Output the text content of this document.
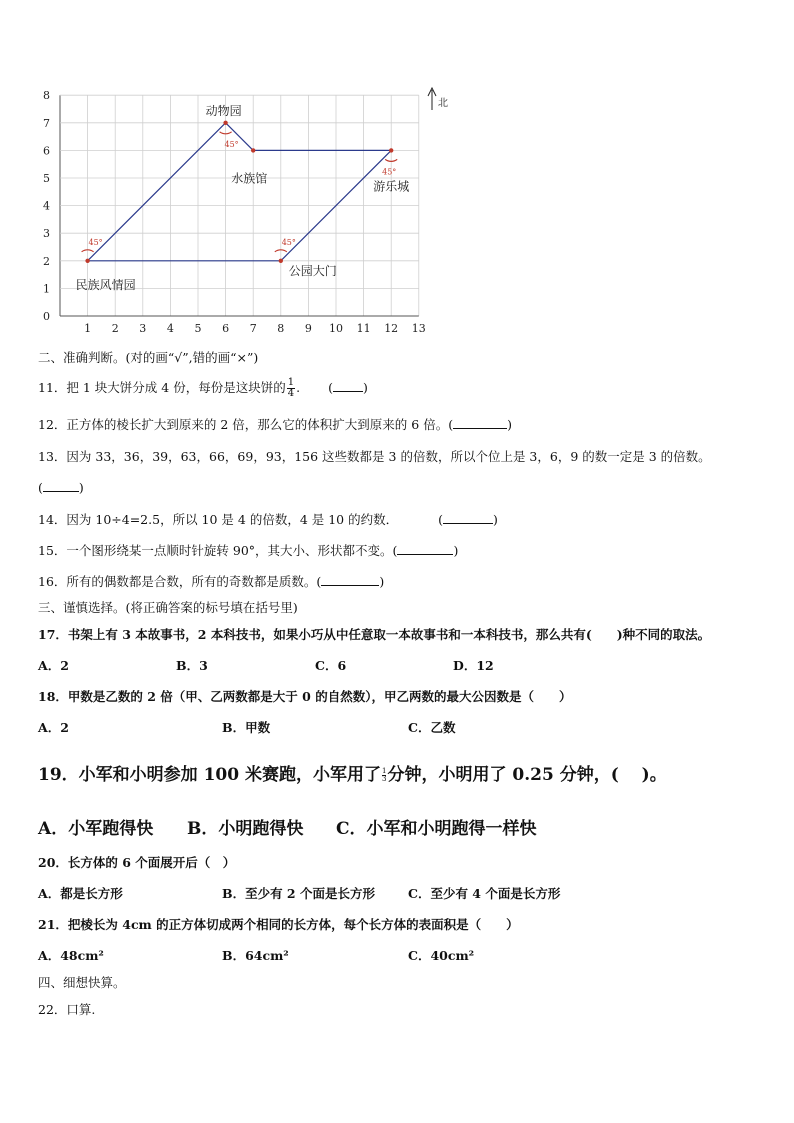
1 2 3 4 5 6 7 8 9 10 11 12 13
0
1
2
3
4
5
6
7
8
45°	45°
45°
45°
动物园
水族馆
游乐城
民族风情园
公园大门
北
二、准确判断。(对的画“√”,错的画“×”)
11．把 1 块大饼分成 4 份，每份是这块饼的 $\frac{1}{4}$ . ( )
12．正方体的棱长扩大到原来的 2 倍，那么它的体积扩大到原来的 6 倍。(	)
13．因为 33，36，39，63，66，69，93，156 这些数都是 3 的倍数，所以个位上是 3，6，9 的数一定是 3 的倍数。
(	)
14．因为 10÷4=2.5，所以 10 是 4 的倍数，4 是 10 的约数．	(	)
15．一个图形绕某一点顺时针旋转 90°，其大小、形状都不变。(	)
16．所有的偶数都是合数，所有的奇数都是质数。(	)
三、谨慎选择。(将正确答案的标号填在括号里)
17．书架上有 3 本故事书，2 本科技书，如果小巧从中任意取一本故事书和一本科技书，那么共有(　　)种不同的取法。
A．2	B．3	C．6	D．12
18．甲数是乙数的 2 倍（甲、乙两数都是大于 0 的自然数），甲乙两数的最大公因数是（　　）
A．2	B．甲数	C．乙数
19．小军和小明参加 100 米赛跑，小军用了 $\frac{1}{3}$ 分钟，小明用了 0.25 分钟，(　 )。
A．小军跑得快 B．小明跑得快 C．小军和小明跑得一样快
20．长方体的 6 个面展开后（　）
A．都是长方形	B．至少有 2 个面是长方形	C．至少有 4 个面是长方形
21．把棱长为 4cm 的正方体切成两个相同的长方体，每个长方体的表面积是（　　）
A．48cm²	B．64cm²	C．40cm²
四、细想快算。
22．口算.
